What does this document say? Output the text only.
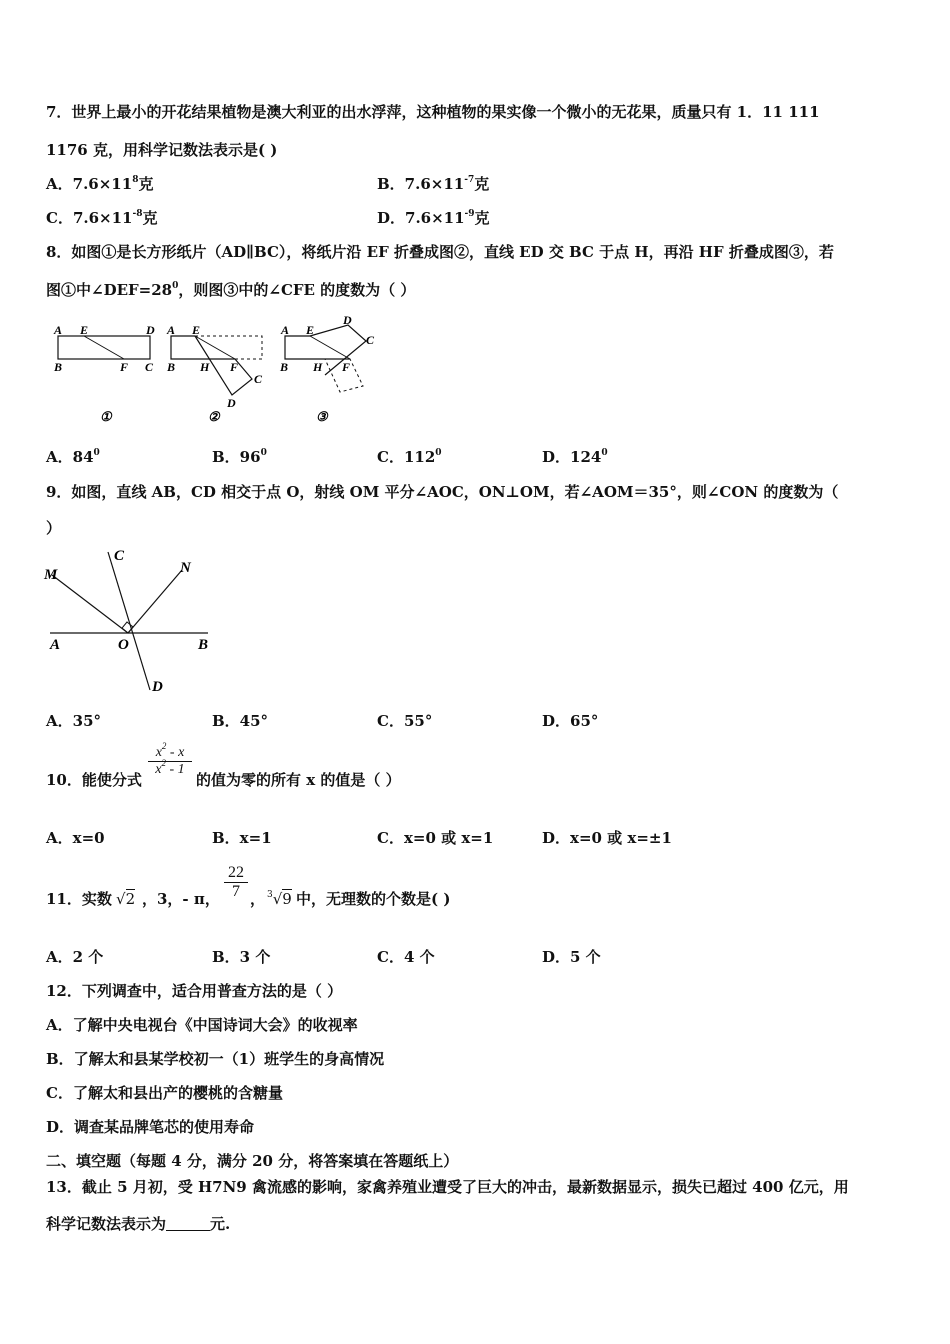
7．世界上最小的开花结果植物是澳大利亚的出水浮萍，这种植物的果实像一个微小的无花果，质量只有 1．11 111
1176 克，用科学记数法表示是( )
A．$7.6\times 11^8$克	B．$7.6\times 11^{-7}$克
C．$7.6\times 11^{-8}$克	D．$7.6\times 11^{-9}$克
8．如图①是长方形纸片（AD∥BC），将纸片沿 EF 折叠成图②，直线 ED 交 BC 于点 H，再沿 HF 折叠成图③，若
图①中$\angle DEF=28^0$，则图③中的∠CFE 的度数为（ ）
A E	D
B	F C
①
A E
B H F
C
D
②
A E
D
C
B H F
③
A．$84^0$	B．$96^0$	C．$112^0$	D．$124^0$
9．如图，直线 AB，CD 相交于点 O，射线 OM 平分∠AOC，ON⊥OM，若∠AOM＝35°，则∠CON 的度数为（
）
M
C
N
A	O	B
D
A．35°	B．45°	C．55°	D．65°
10．能使分式
$\frac{x^2 - x}{x^2 - 1}$
的值为零的所有 x 的值是（ ）
A．x=0	B．x=1	C．x=0 或 x=1	D．x=0 或 x=±1
11．实数 √2 ，3，- π， $\frac{22}{7}$ ， $^3$√9 中，无理数的个数是( )
A．2 个	B．3 个	C．4 个	D．5 个
12．下列调查中，适合用普查方法的是（ ）
A．了解中央电视台《中国诗词大会》的收视率
B．了解太和县某学校初一（1）班学生的身高情况
C．了解太和县出产的樱桃的含糖量
D．调查某品牌笔芯的使用寿命
二、填空题（每题 4 分，满分 20 分，将答案填在答题纸上）
13．截止 5 月初，受 H7N9 禽流感的影响，家禽养殖业遭受了巨大的冲击，最新数据显示，损失已超过 400 亿元，用
科学记数法表示为	元.
